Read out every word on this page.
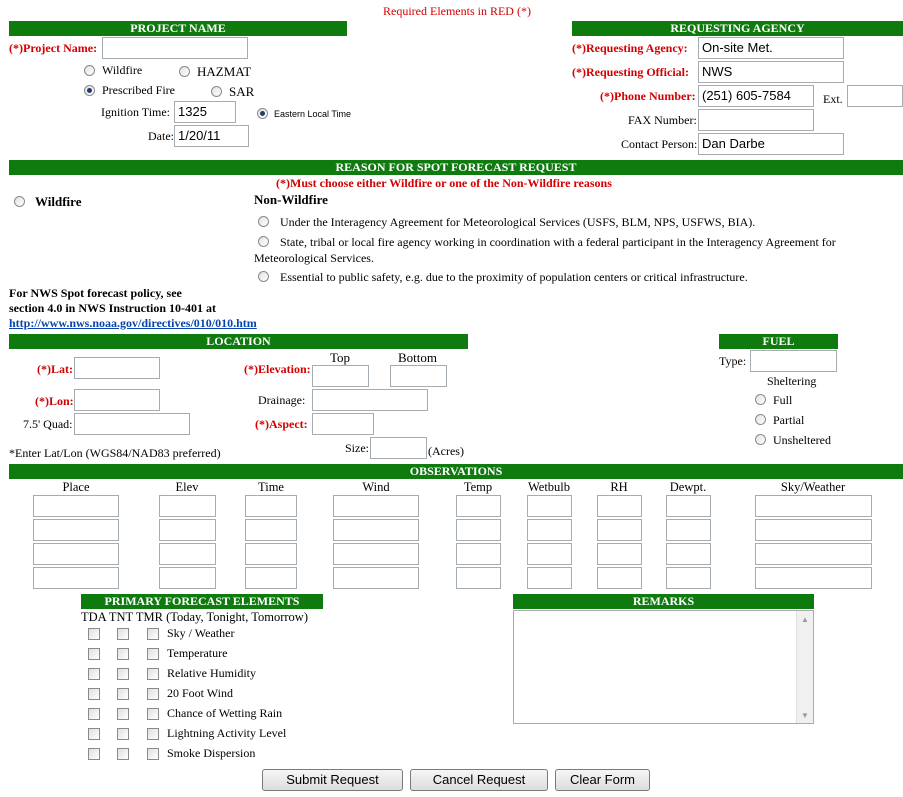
Required Elements in RED (*)
PROJECT NAME
(*)Project Name:
Wildfire	HAZMAT
Prescribed Fire	SAR
Ignition Time: 1325	Eastern Local Time
Date: 1/20/11
REQUESTING AGENCY
(*)Requesting Agency:	On-site Met.
(*)Requesting Official:	NWS
(*)Phone Number: (251) 605-7584	Ext.
FAX Number:
Contact Person: Dan Darbe
REASON FOR SPOT FORECAST REQUEST
(*)Must choose either Wildfire or one of the Non-Wildfire reasons
Wildfire	Non-Wildfire
Under the Interagency Agreement for Meteorological Services (USFS, BLM, NPS, USFWS, BIA).
State, tribal or local fire agency working in coordination with a federal participant in the Interagency Agreement for
Meteorological Services.
Essential to public safety, e.g. due to the proximity of population centers or critical infrastructure.
For NWS Spot forecast policy, see
section 4.0 in NWS Instruction 10-401 at
http://www.nws.noaa.gov/directives/010/010.htm
LOCATION
(*)Lat:
(*)Lon:
7.5' Quad:
*Enter Lat/Lon (WGS84/NAD83 preferred)
Top	Bottom
(*)Elevation:
Drainage:
(*)Aspect:
Size:	(Acres)
FUEL
Type:
Sheltering
Full
Partial
Unsheltered
OBSERVATIONS
Place	Elev	Time	Wind	Temp	Wetbulb	RH	Dewpt.	Sky/Weather
PRIMARY FORECAST ELEMENTS
TDA TNT TMR (Today, Tonight, Tomorrow)
Sky / Weather
Temperature
Relative Humidity
20 Foot Wind
Chance of Wetting Rain
Lightning Activity Level
Smoke Dispersion
REMARKS
▲
▼
Submit Request	Cancel Request	Clear Form
